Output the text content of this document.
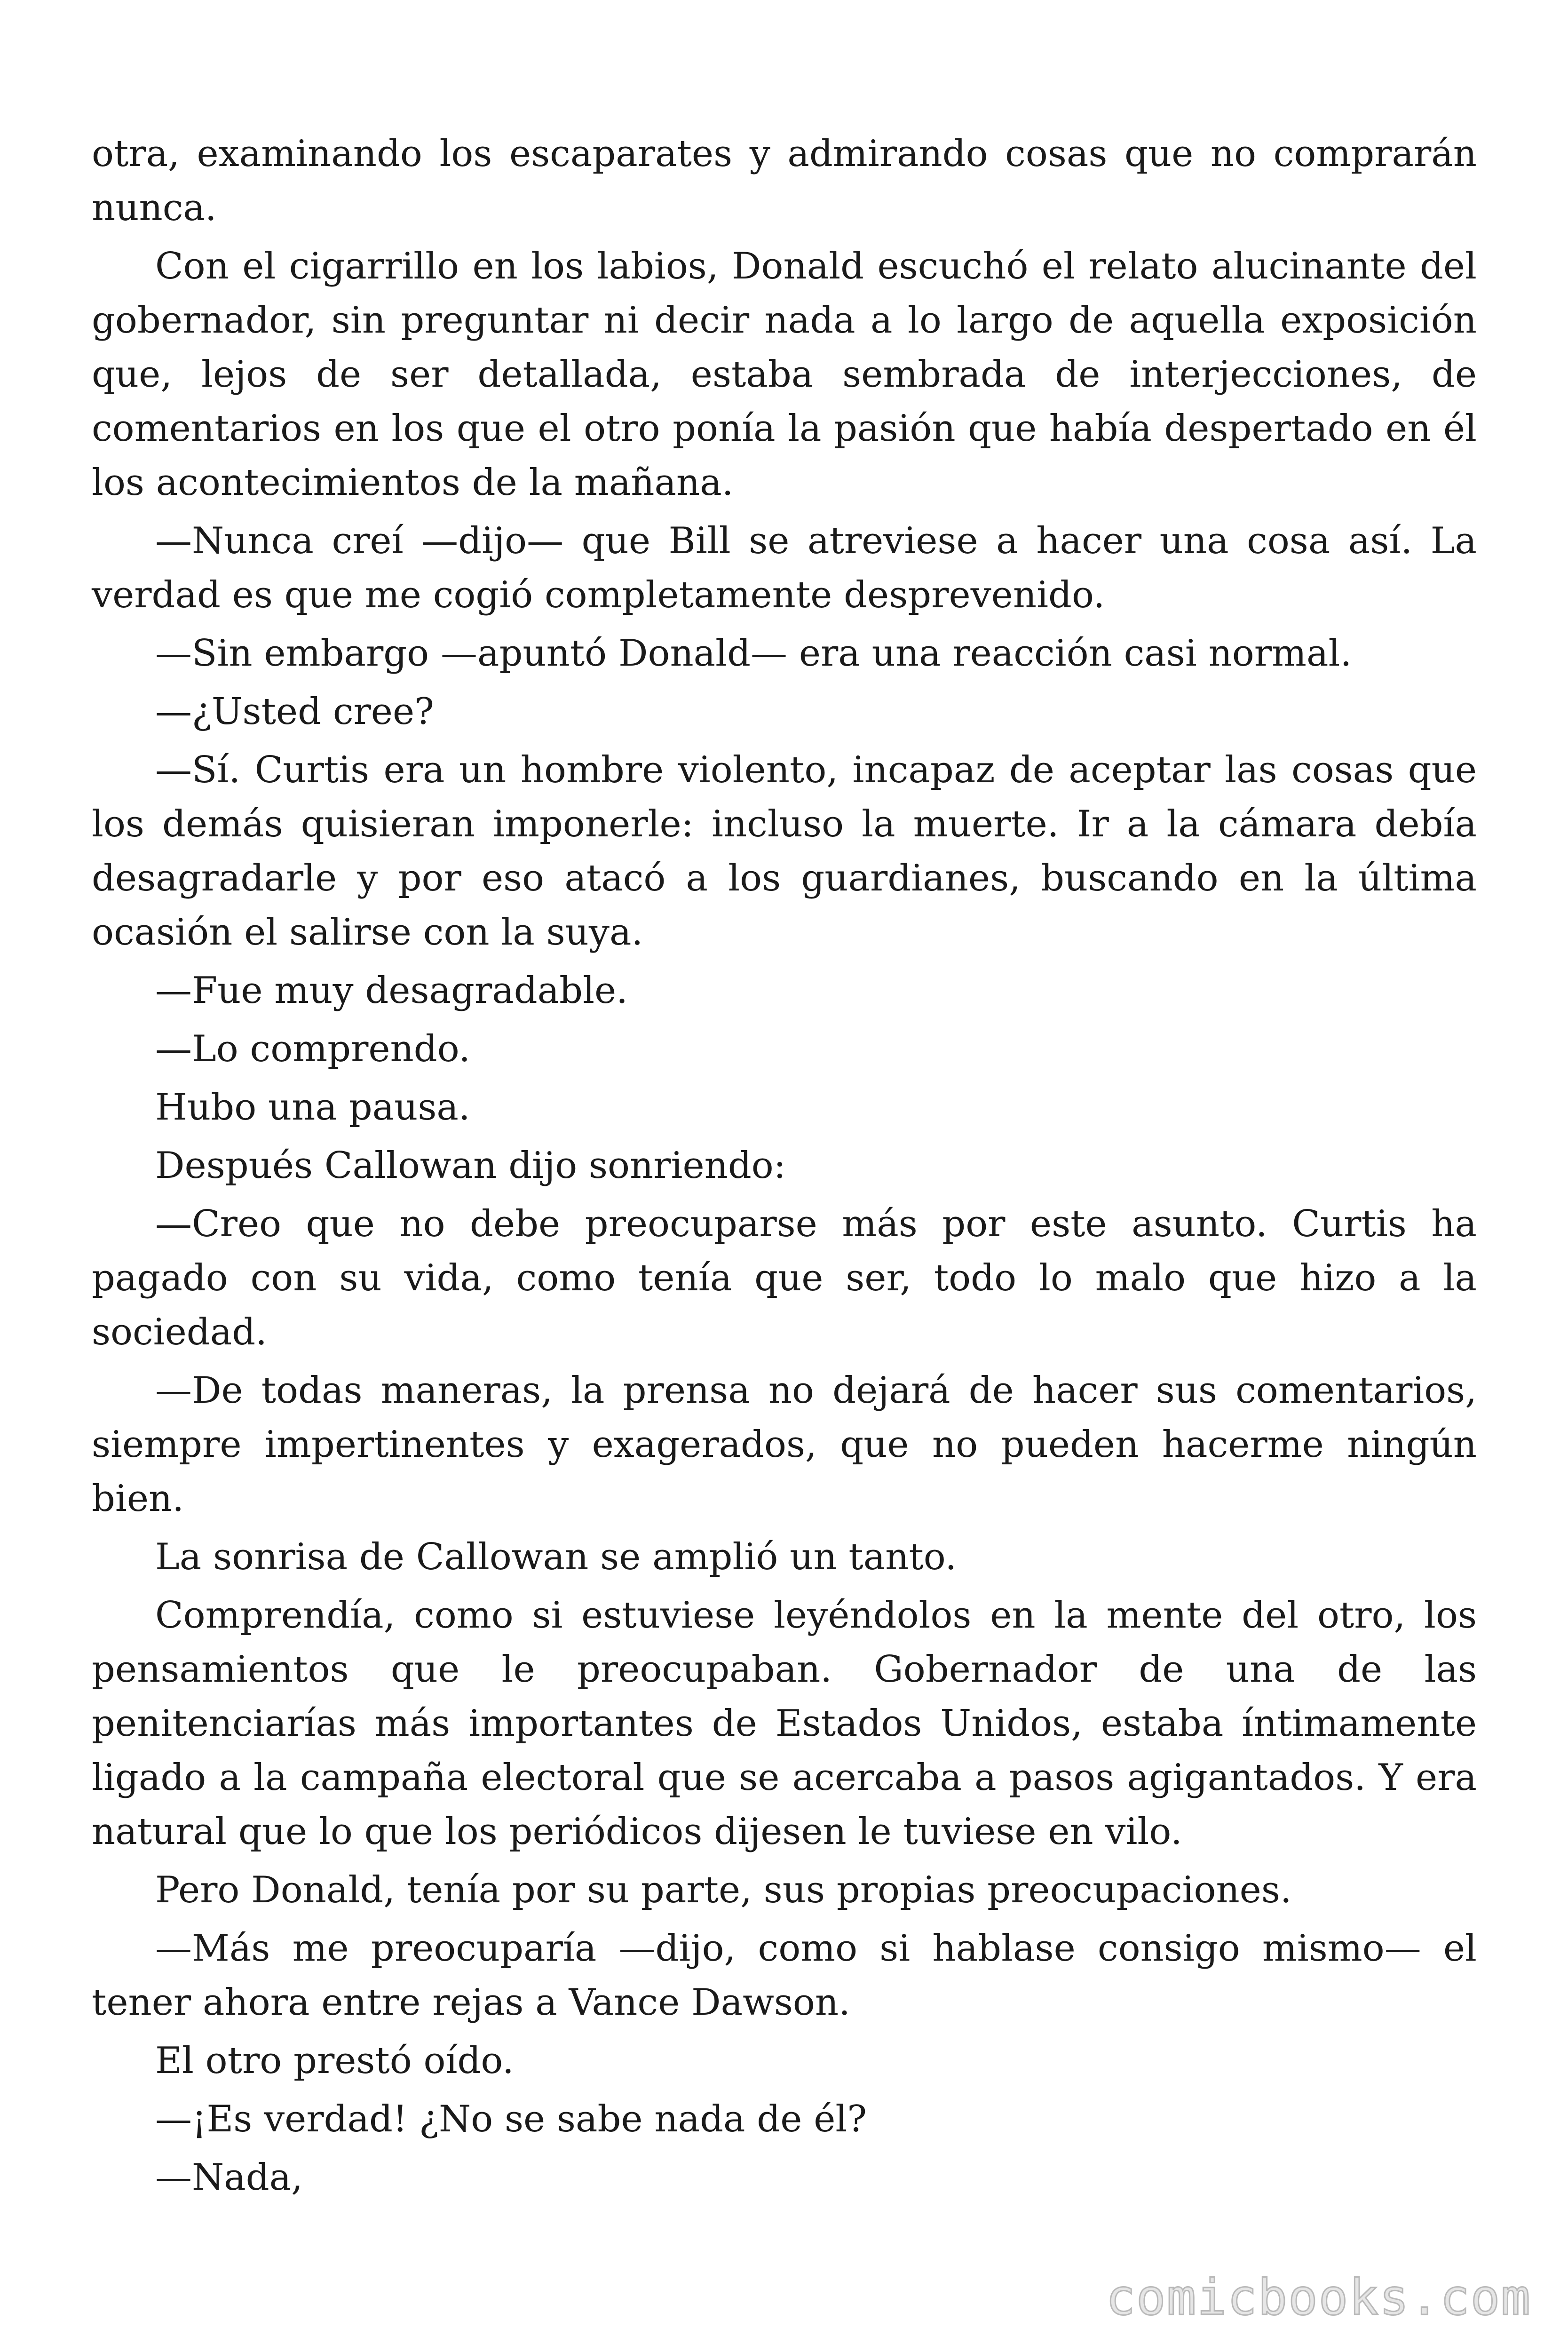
otra, examinando los escaparates y admirando cosas que no comprarán nunca.

Con el cigarrillo en los labios, Donald escuchó el relato alucinante del gobernador, sin preguntar ni decir nada a lo largo de aquella exposición que, lejos de ser detallada, estaba sembrada de interjecciones, de comentarios en los que el otro ponía la pasión que había despertado en él los acontecimientos de la mañana.

—Nunca creí —dijo— que Bill se atreviese a hacer una cosa así. La verdad es que me cogió completamente desprevenido.

—Sin embargo —apuntó Donald— era una reacción casi normal.

—¿Usted cree?

—Sí. Curtis era un hombre violento, incapaz de aceptar las cosas que los demás quisieran imponerle: incluso la muerte. Ir a la cámara debía desagradarle y por eso atacó a los guardianes, buscando en la última ocasión el salirse con la suya.

—Fue muy desagradable.

—Lo comprendo.

Hubo una pausa.

Después Callowan dijo sonriendo:

—Creo que no debe preocuparse más por este asunto. Curtis ha pagado con su vida, como tenía que ser, todo lo malo que hizo a la sociedad.

—De todas maneras, la prensa no dejará de hacer sus comentarios, siempre impertinentes y exagerados, que no pueden hacerme ningún bien.

La sonrisa de Callowan se amplió un tanto.

Comprendía, como si estuviese leyéndolos en la mente del otro, los pensamientos que le preocupaban. Gobernador de una de las penitenciarías más importantes de Estados Unidos, estaba íntimamente ligado a la campaña electoral que se acercaba a pasos agigantados. Y era natural que lo que los periódicos dijesen le tuviese en vilo.

Pero Donald, tenía por su parte, sus propias preocupaciones.

—Más me preocuparía —dijo, como si hablase consigo mismo— el tener ahora entre rejas a Vance Dawson.

El otro prestó oído.

—¡Es verdad! ¿No se sabe nada de él?

—Nada,

comicbooks.com
